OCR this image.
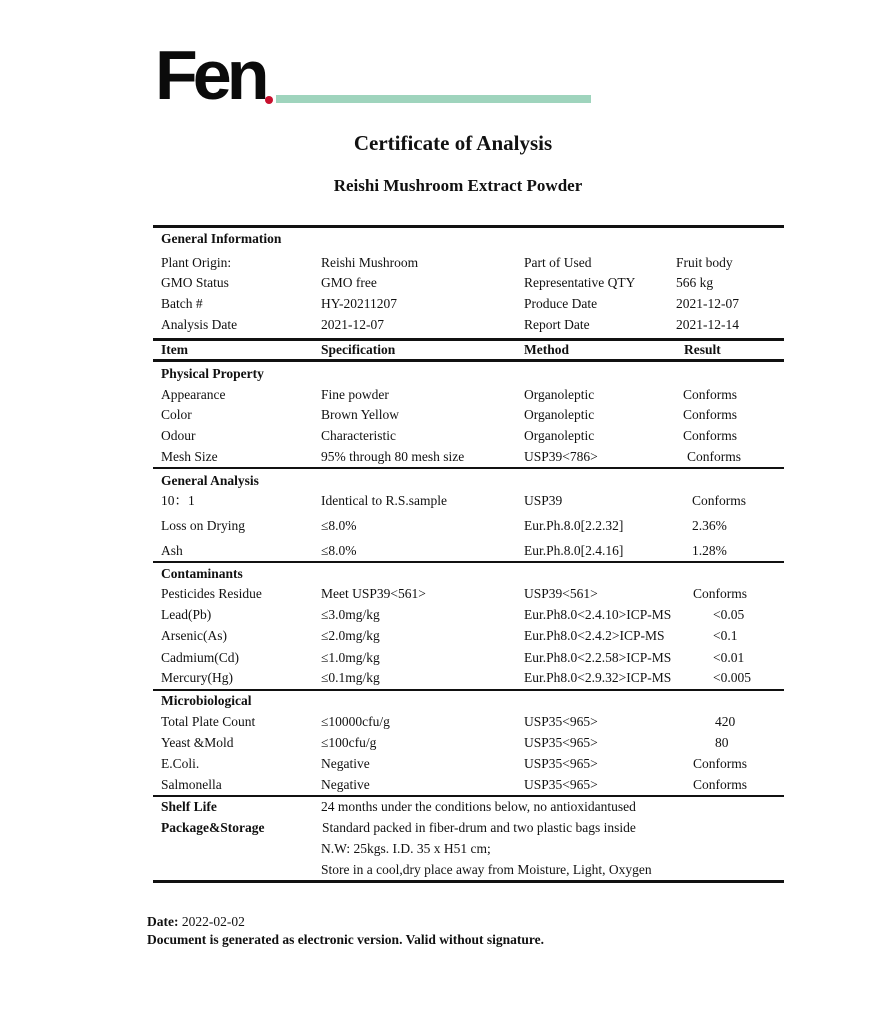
Fen
Certificate of Analysis
Reishi Mushroom Extract Powder
General Information
Plant Origin:	Reishi Mushroom	Part of Used	Fruit body
GMO Status	GMO free	Representative QTY	566 kg
Batch #	HY-20211207	Produce Date	2021-12-07
Analysis Date	2021-12-07	Report Date	2021-12-14
Item	Specification	Method	Result
Physical Property
Appearance	Fine powder	Organoleptic	Conforms
Color	Brown Yellow	Organoleptic	Conforms
Odour	Characteristic	Organoleptic	Conforms
Mesh Size	95% through 80 mesh size	USP39<786>	Conforms
General Analysis
10：1	Identical to R.S.sample	USP39	Conforms
Loss on Drying	≤8.0%	Eur.Ph.8.0[2.2.32]	2.36%
Ash	≤8.0%	Eur.Ph.8.0[2.4.16]	1.28%
Contaminants
Pesticides Residue	Meet USP39<561>	USP39<561>	Conforms
Lead(Pb)	≤3.0mg/kg	Eur.Ph8.0<2.4.10>ICP-MS	<0.05
Arsenic(As)	≤2.0mg/kg	Eur.Ph8.0<2.4.2>ICP-MS	<0.1
Cadmium(Cd)	≤1.0mg/kg	Eur.Ph8.0<2.2.58>ICP-MS	<0.01
Mercury(Hg)	≤0.1mg/kg	Eur.Ph8.0<2.9.32>ICP-MS	<0.005
Microbiological
Total Plate Count	≤10000cfu/g	USP35<965>	420
Yeast &Mold	≤100cfu/g	USP35<965>	80
E.Coli.	Negative	USP35<965>	Conforms
Salmonella	Negative	USP35<965>	Conforms
Shelf Life	24 months under the conditions below, no antioxidantused
Package&Storage	Standard packed in fiber-drum and two plastic bags inside
N.W: 25kgs. I.D. 35 x H51 cm;
Store in a cool,dry place away from Moisture, Light, Oxygen
Date: 2022-02-02
Document is generated as electronic version. Valid without signature.
